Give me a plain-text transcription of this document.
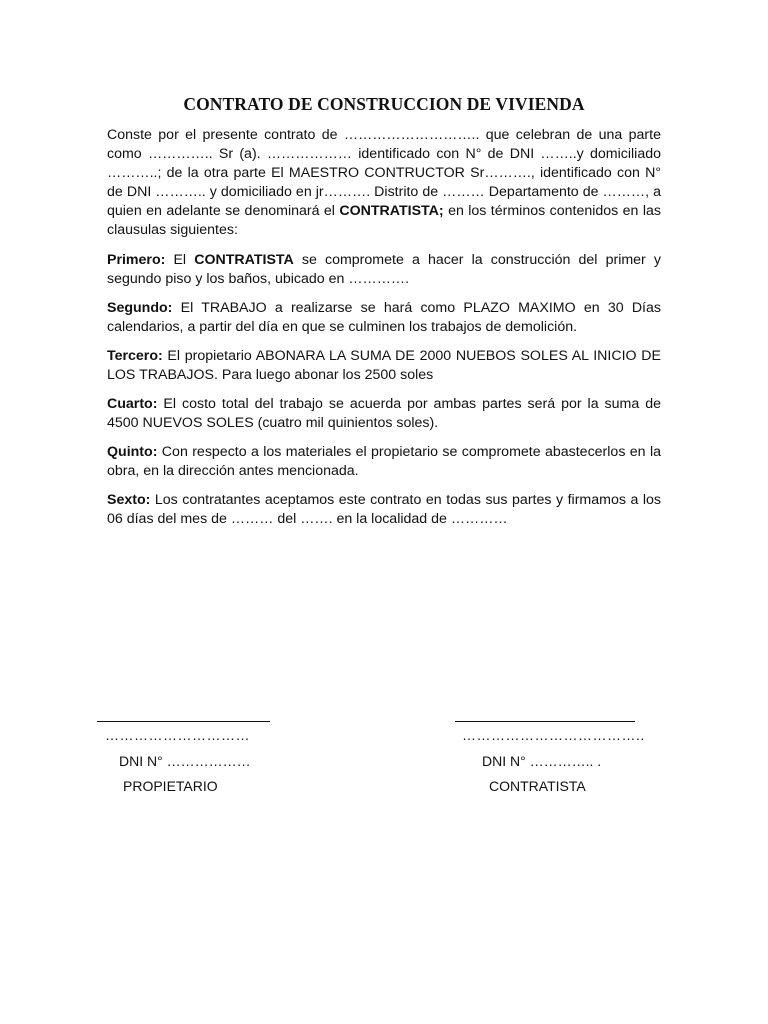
CONTRATO DE CONSTRUCCION DE VIVIENDA

Conste por el presente contrato de ……………………….. que celebran de una parte como ………….. Sr (a). ……………… identificado con N° de DNI ……..y domiciliado ………..; de la otra parte El MAESTRO CONTRUCTOR Sr………., identificado con N° de DNI ……….. y domiciliado en jr………. Distrito de ……… Departamento de ………, a quien en adelante se denominará el CONTRATISTA; en los términos contenidos en las clausulas siguientes:

Primero: El CONTRATISTA se compromete a hacer la construcción del primer y segundo piso y los baños, ubicado en ………….

Segundo: El TRABAJO a realizarse se hará como PLAZO MAXIMO en 30 Días calendarios, a partir del día en que se culminen los trabajos de demolición.

Tercero: El propietario ABONARA LA SUMA DE 2000 NUEBOS SOLES AL INICIO DE LOS TRABAJOS. Para luego abonar los 2500 soles

Cuarto: El costo total del trabajo se acuerda por ambas partes será por la suma de 4500 NUEVOS SOLES (cuatro mil quinientos soles).

Quinto: Con respecto a los materiales el propietario se compromete abastecerlos en la obra, en la dirección antes mencionada.

Sexto: Los contratantes aceptamos este contrato en todas sus partes y firmamos a los 06 días del mes de ……… del ……. en la localidad de …………

…………………………
DNI N° ………………
PROPIETARIO
………………………………..
DNI N° ………….. .
CONTRATISTA
